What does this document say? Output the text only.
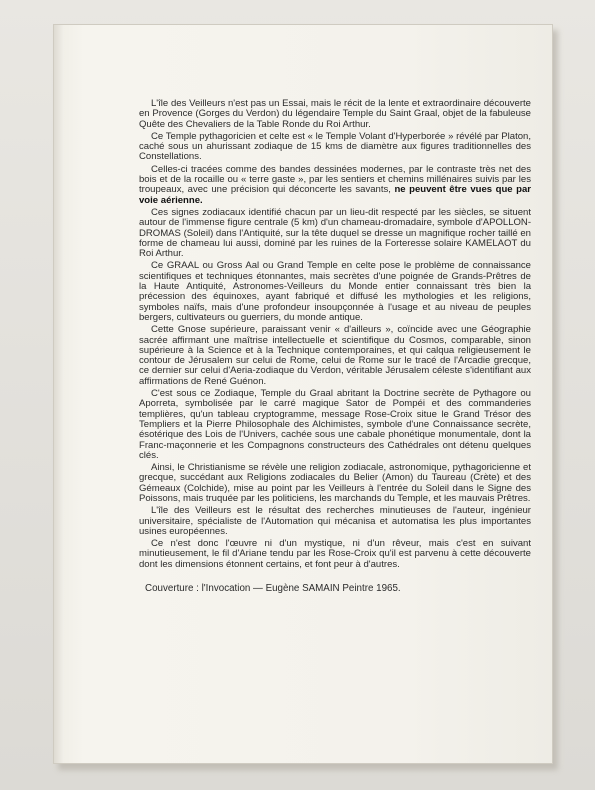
L'île des Veilleurs n'est pas un Essai, mais le récit de la lente et extraordinaire découverte en Provence (Gorges du Verdon) du légendaire Temple du Saint Graal, objet de la fabuleuse Quête des Chevaliers de la Table Ronde du Roi Arthur.

Ce Temple pythagoricien et celte est « le Temple Volant d'Hyperborée » révélé par Platon, caché sous un ahurissant zodiaque de 15 kms de diamètre aux figures traditionnelles des Constellations.

Celles-ci tracées comme des bandes dessinées modernes, par le contraste très net des bois et de la rocaille ou « terre gaste », par les sentiers et chemins millénaires suivis par les troupeaux, avec une précision qui déconcerte les savants, ne peuvent être vues que par voie aérienne.

Ces signes zodiacaux identifié chacun par un lieu-dit respecté par les siècles, se situent autour de l'immense figure centrale (5 km) d'un chameau-dromadaire, symbole d'APOLLON-DROMAS (Soleil) dans l'Antiquité, sur la tête duquel se dresse un magnifique rocher taillé en forme de chameau lui aussi, dominé par les ruines de la Forteresse solaire KAMELAOT du Roi Arthur.

Ce GRAAL ou Gross Aal ou Grand Temple en celte pose le problème de connaissance scientifiques et techniques étonnantes, mais secrètes d'une poignée de Grands-Prêtres de la Haute Antiquité, Astronomes-Veilleurs du Monde entier connaissant très bien la précession des équinoxes, ayant fabriqué et diffusé les mythologies et les religions, symboles naïfs, mais d'une profondeur insoupçonnée à l'usage et au niveau de peuples bergers, cultivateurs ou guerriers, du monde antique.

Cette Gnose supérieure, paraissant venir « d'ailleurs », coïncide avec une Géographie sacrée affirmant une maîtrise intellectuelle et scientifique du Cosmos, comparable, sinon supérieure à la Science et à la Technique contemporaines, et qui calqua religieusement le contour de Jérusalem sur celui de Rome, celui de Rome sur le tracé de l'Arcadie grecque, ce dernier sur celui d'Aeria-zodiaque du Verdon, véritable Jérusalem céleste s'identifiant aux affirmations de René Guénon.

C'est sous ce Zodiaque, Temple du Graal abritant la Doctrine secrète de Pythagore ou Aporreta, symbolisée par le carré magique Sator de Pompéi et des commanderies templières, qu'un tableau cryptogramme, message Rose-Croix situe le Grand Trésor des Templiers et la Pierre Philosophale des Alchimistes, symbole d'une Connaissance secrète, ésotérique des Lois de l'Univers, cachée sous une cabale phonétique monumentale, dont la Franc-maçonnerie et les Compagnons constructeurs des Cathédrales ont détenu quelques clés.

Ainsi, le Christianisme se révèle une religion zodiacale, astronomique, pythagoricienne et grecque, succédant aux Religions zodiacales du Belier (Amon) du Taureau (Crète) et des Gémeaux (Colchide), mise au point par les Veilleurs à l'entrée du Soleil dans le Signe des Poissons, mais truquée par les politiciens, les marchands du Temple, et les mauvais Prêtres.

L'île des Veilleurs est le résultat des recherches minutieuses de l'auteur, ingénieur universitaire, spécialiste de l'Automation qui mécanisa et automatisa les plus importantes usines européennes.

Ce n'est donc l'œuvre ni d'un mystique, ni d'un rêveur, mais c'est en suivant minutieusement, le fil d'Ariane tendu par les Rose-Croix qu'il est parvenu à cette découverte dont les dimensions étonnent certains, et font peur à d'autres.

Couverture : l'Invocation — Eugène SAMAIN Peintre 1965.
